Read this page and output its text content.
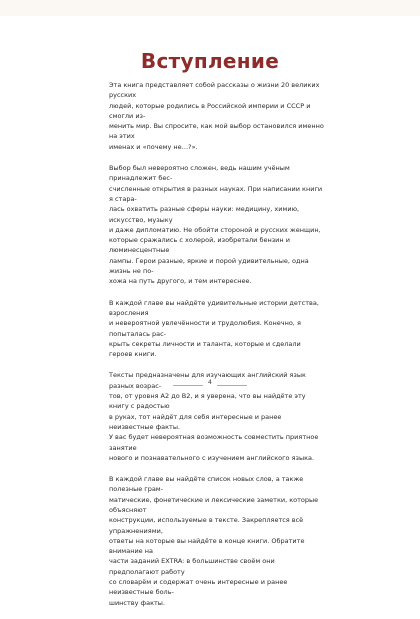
Вступление

Эта книга представляет собой рассказы о жизни 20 великих русских
людей, которые родились в Российской империи и СССР и смогли из-
менить мир. Вы спросите, как мой выбор остановился именно на этих
именах и «почему не…?».

Выбор был невероятно сложен, ведь нашим учёным принадлежит бес-
счисленные открытия в разных науках. При написании книги я стара-
лась охватить разные сферы науки: медицину, химию, искусство, музыку
и даже дипломатию. Не обойти стороной и русских женщин,
которые сражались с холерой, изобретали бензин и люминесцентные
лампы. Герои разные, яркие и порой удивительные, одна жизнь не по-
хожа на путь другого, и тем интереснее.

В каждой главе вы найдёте удивительные истории детства, взросления
и невероятной увлечённости и трудолюбия. Конечно, я попыталась рас-
крыть секреты личности и таланта, которые и сделали героев книги.

Тексты предназначены для изучающих английский язык разных возрас-
тов, от уровня А2 до В2, и я уверена, что вы найдёте эту книгу с радостью
в руках, тот найдёт для себя интересные и ранее неизвестные факты.
У вас будет невероятная возможность совместить приятное занятие
нового и познавательного с изучением английского языка.

В каждой главе вы найдёте список новых слов, а также полезные грам-
матические, фонетические и лексические заметки, которые объясняют
конструкции, используемые в тексте. Закрепляется всё упражнениями,
ответы на которые вы найдёте в конце книги. Обратите внимание на
части заданий EXTRA: в большинстве своём они предполагают работу
со словарём и содержат очень интересные и ранее неизвестные боль-
шинству факты.

4
